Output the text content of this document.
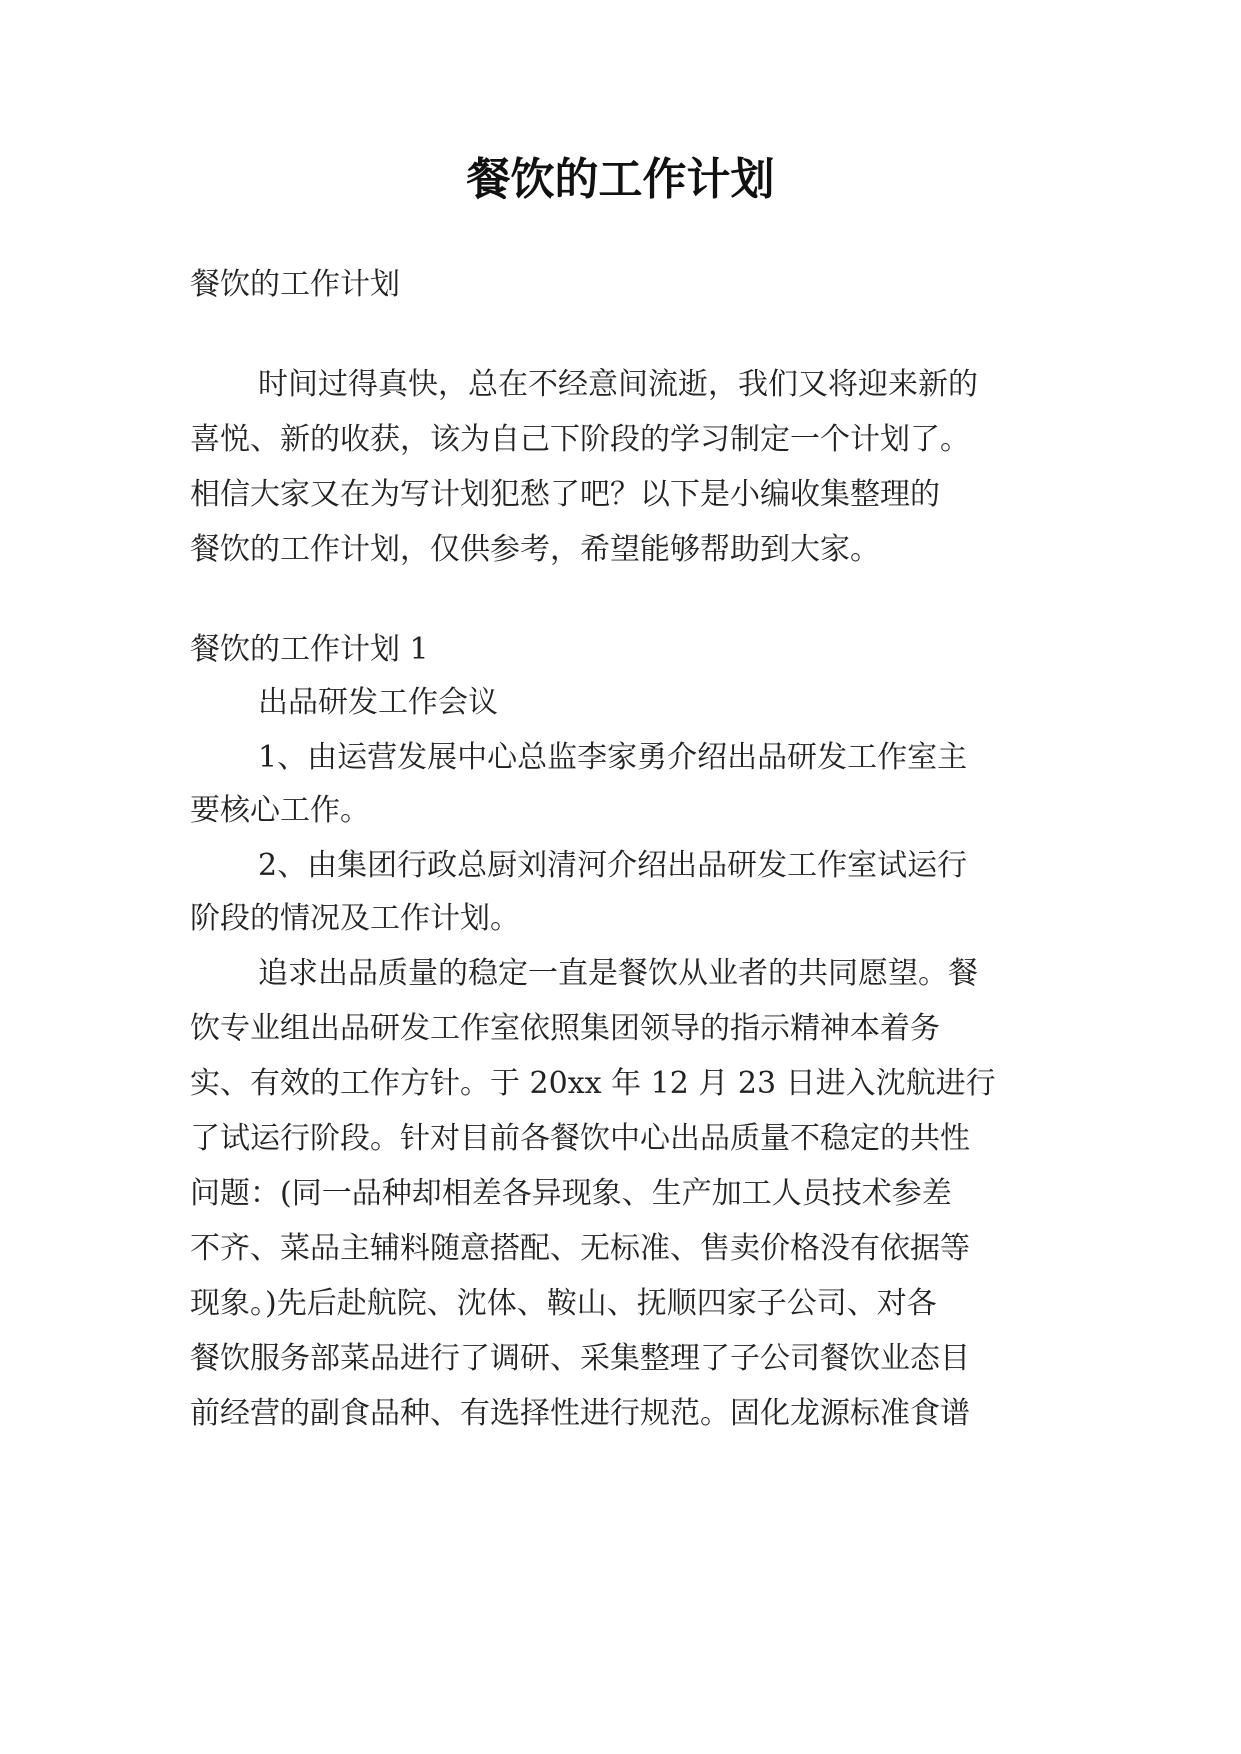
餐饮的工作计划
餐饮的工作计划
时间过得真快，总在不经意间流逝，我们又将迎来新的
喜悦、新的收获，该为自己下阶段的学习制定一个计划了。
相信大家又在为写计划犯愁了吧？以下是小编收集整理的
餐饮的工作计划，仅供参考，希望能够帮助到大家。
餐饮的工作计划 1
出品研发工作会议
1、由运营发展中心总监李家勇介绍出品研发工作室主
要核心工作。
2、由集团行政总厨刘清河介绍出品研发工作室试运行
阶段的情况及工作计划。
追求出品质量的稳定一直是餐饮从业者的共同愿望。餐
饮专业组出品研发工作室依照集团领导的指示精神本着务
实、有效的工作方针。于 20xx 年 12 月 23 日进入沈航进行
了试运行阶段。针对目前各餐饮中心出品质量不稳定的共性
问题：(同一品种却相差各异现象、生产加工人员技术参差
不齐、菜品主辅料随意搭配、无标准、售卖价格没有依据等
现象。)先后赴航院、沈体、鞍山、抚顺四家子公司、对各
餐饮服务部菜品进行了调研、采集整理了子公司餐饮业态目
前经营的副食品种、有选择性进行规范。固化龙源标准食谱
